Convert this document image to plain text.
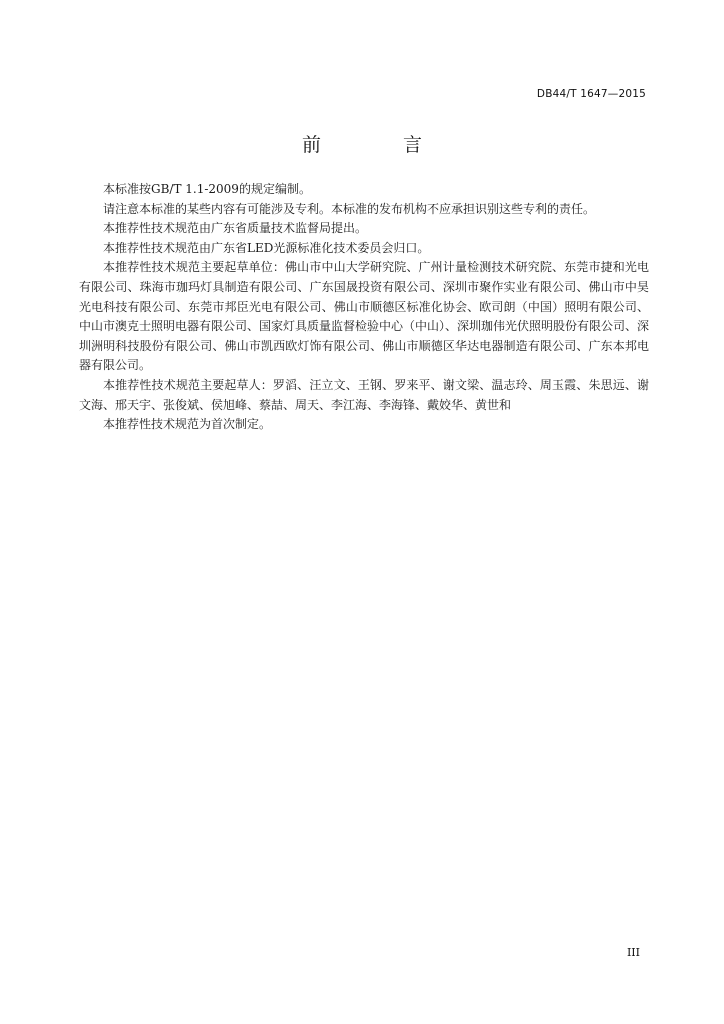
DB44/T 1647—2015
前 言

本标准按GB/T 1.1-2009的规定编制。

请注意本标准的某些内容有可能涉及专利。本标准的发布机构不应承担识别这些专利的责任。

本推荐性技术规范由广东省质量技术监督局提出。

本推荐性技术规范由广东省LED光源标准化技术委员会归口。

本推荐性技术规范主要起草单位：佛山市中山大学研究院、广州计量检测技术研究院、东莞市捷和光电有限公司、珠海市珈玛灯具制造有限公司、广东国晟投资有限公司、深圳市聚作实业有限公司、佛山市中昊光电科技有限公司、东莞市邦臣光电有限公司、佛山市顺德区标准化协会、欧司朗（中国）照明有限公司、中山市澳克士照明电器有限公司、国家灯具质量监督检验中心（中山）、深圳珈伟光伏照明股份有限公司、深圳洲明科技股份有限公司、佛山市凯西欧灯饰有限公司、佛山市顺德区华达电器制造有限公司、广东本邦电器有限公司。

本推荐性技术规范主要起草人：罗滔、汪立文、王钢、罗来平、谢文梁、温志玲、周玉霞、朱思远、谢文海、邢天宇、张俊斌、侯旭峰、蔡喆、周天、李江海、李海锋、戴姣华、黄世和

本推荐性技术规范为首次制定。

III
